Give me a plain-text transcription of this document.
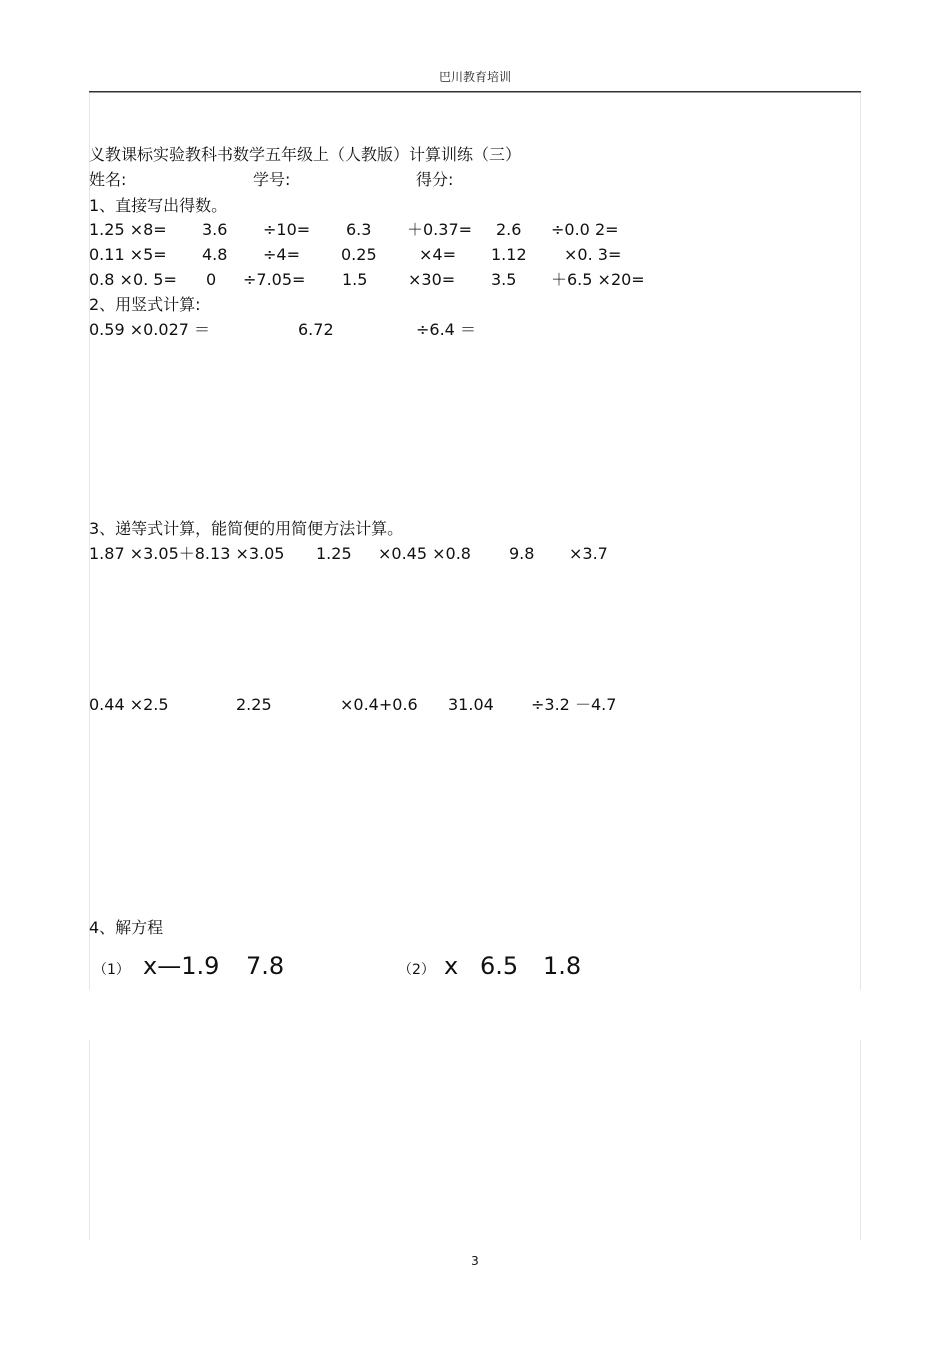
巴川教育培训
义教课标实验教科书数学五年级上（人教版）计算训练（三）
姓名:	学号:	得分:
1、直接写出得数。
1.25 ×8= 3.6 ÷10= 6.3 ＋0.37= 2.6 ÷0.0 2=
0.11 ×5= 4.8 ÷4=	0.25	×4= 1.12 ×0. 3=
0.8 ×0. 5= 0 ÷7.05= 1.5	×30= 3.5 ＋6.5 ×20=
2、用竖式计算:
0.59 ×0.027 ＝	6.72	÷6.4 ＝
3、递等式计算，能简便的用简便方法计算。
1.87 ×3.05＋8.13 ×3.05 1.25 ×0.45 ×0.8 9.8 ×3.7
0.44 ×2.5	2.25	×0.4+0.6 31.04 ÷3.2 －4.7
4、解方程
（1） x—1.9 7.8	（2） x 6.5 1.8
3
